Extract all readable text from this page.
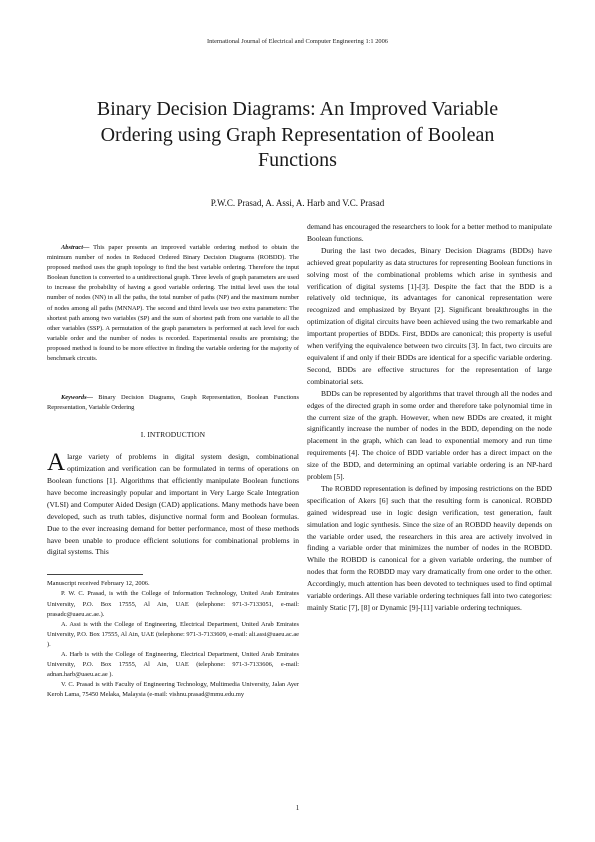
International Journal of Electrical and Computer Engineering 1:1 2006
Binary Decision Diagrams: An Improved Variable Ordering using Graph Representation of Boolean Functions
P.W.C. Prasad, A. Assi, A. Harb and V.C. Prasad

Abstract— This paper presents an improved variable ordering method to obtain the minimum number of nodes in Reduced Ordered Binary Decision Diagrams (ROBDD). The proposed method uses the graph topology to find the best variable ordering. Therefore the input Boolean function is converted to a unidirectional graph. Three levels of graph parameters are used to increase the probability of having a good variable ordering. The initial level uses the total number of nodes (NN) in all the paths, the total number of paths (NP) and the maximum number of nodes among all paths (MNNAP). The second and third levels use two extra parameters: The shortest path among two variables (SP) and the sum of shortest path from one variable to all the other variables (SSP). A permutation of the graph parameters is performed at each level for each variable order and the number of nodes is recorded. Experimental results are promising; the proposed method is found to be more effective in finding the variable ordering for the majority of benchmark circuits.

Keywords— Binary Decision Diagrams, Graph Representation, Boolean Functions Representation, Variable Ordering

I. INTRODUCTION

Alarge variety of problems in digital system design, combinational optimization and verification can be formulated in terms of operations on Boolean functions [1]. Algorithms that efficiently manipulate Boolean functions have become increasingly popular and important in Very Large Scale Integration (VLSI) and Computer Aided Design (CAD) applications. Many methods have been developed, such as truth tables, disjunctive normal form and Boolean formulas. Due to the ever increasing demand for better performance, most of these methods have been unable to produce efficient solutions for combinational problems in digital systems. This

Manuscript received February 12, 2006.

P. W. C. Prasad, is with the College of Information Technology, United Arab Emirates University, P.O. Box 17555, Al Ain, UAE (telephone: 971-3-7133051, e-mail: prasadc@uaeu.ac.ae.).

A. Assi is with the College of Engineering, Electrical Department, United Arab Emirates University, P.O. Box 17555, Al Ain, UAE (telephone: 971-3-7133609, e-mail: ali.assi@uaeu.ac.ae ).

A. Harb is with the College of Engineering, Electrical Department, United Arab Emirates University, P.O. Box 17555, Al Ain, UAE (telephone: 971-3-7133606, e-mail: adnan.harb@uaeu.ac.ae ).

V. C. Prasad is with Faculty of Engineering Technology, Multimedia University, Jalan Ayer Keroh Lama, 75450 Melaka, Malaysia (e-mail: vishnu.prasad@mmu.edu.my

demand has encouraged the researchers to look for a better method to manipulate Boolean functions.

During the last two decades, Binary Decision Diagrams (BDDs) have achieved great popularity as data structures for representing Boolean functions in solving most of the combinational problems which arise in synthesis and verification of digital systems [1]-[3]. Despite the fact that the BDD is a relatively old technique, its advantages for canonical representation were recognized and emphasized by Bryant [2]. Significant breakthroughs in the optimization of digital circuits have been achieved using the two remarkable and important properties of BDDs. First, BDDs are canonical; this property is useful when verifying the equivalence between two circuits [3]. In fact, two circuits are equivalent if and only if their BDDs are identical for a specific variable ordering. Second, BDDs are effective structures for the representation of large combinatorial sets.

BDDs can be represented by algorithms that travel through all the nodes and edges of the directed graph in some order and therefore take polynomial time in the current size of the graph. However, when new BDDs are created, it might significantly increase the number of nodes in the BDD, depending on the node placement in the graph, which can lead to exponential memory and run time requirements [4]. The choice of BDD variable order has a direct impact on the size of the BDD, and determining an optimal variable ordering is an NP-hard problem [5].

The ROBDD representation is defined by imposing restrictions on the BDD specification of Akers [6] such that the resulting form is canonical. ROBDD gained widespread use in logic design verification, test generation, fault simulation and logic synthesis. Since the size of an ROBDD heavily depends on the variable order used, the researchers in this area are actively involved in finding a variable order that minimizes the number of nodes in the ROBDD. While the ROBDD is canonical for a given variable ordering, the number of nodes that form the ROBDD may vary dramatically from one order to the other. Accordingly, much attention has been devoted to techniques used to find optimal variable orderings. All these variable ordering techniques fall into two categories: mainly Static [7], [8] or Dynamic [9]-[11] variable ordering techniques.

1
